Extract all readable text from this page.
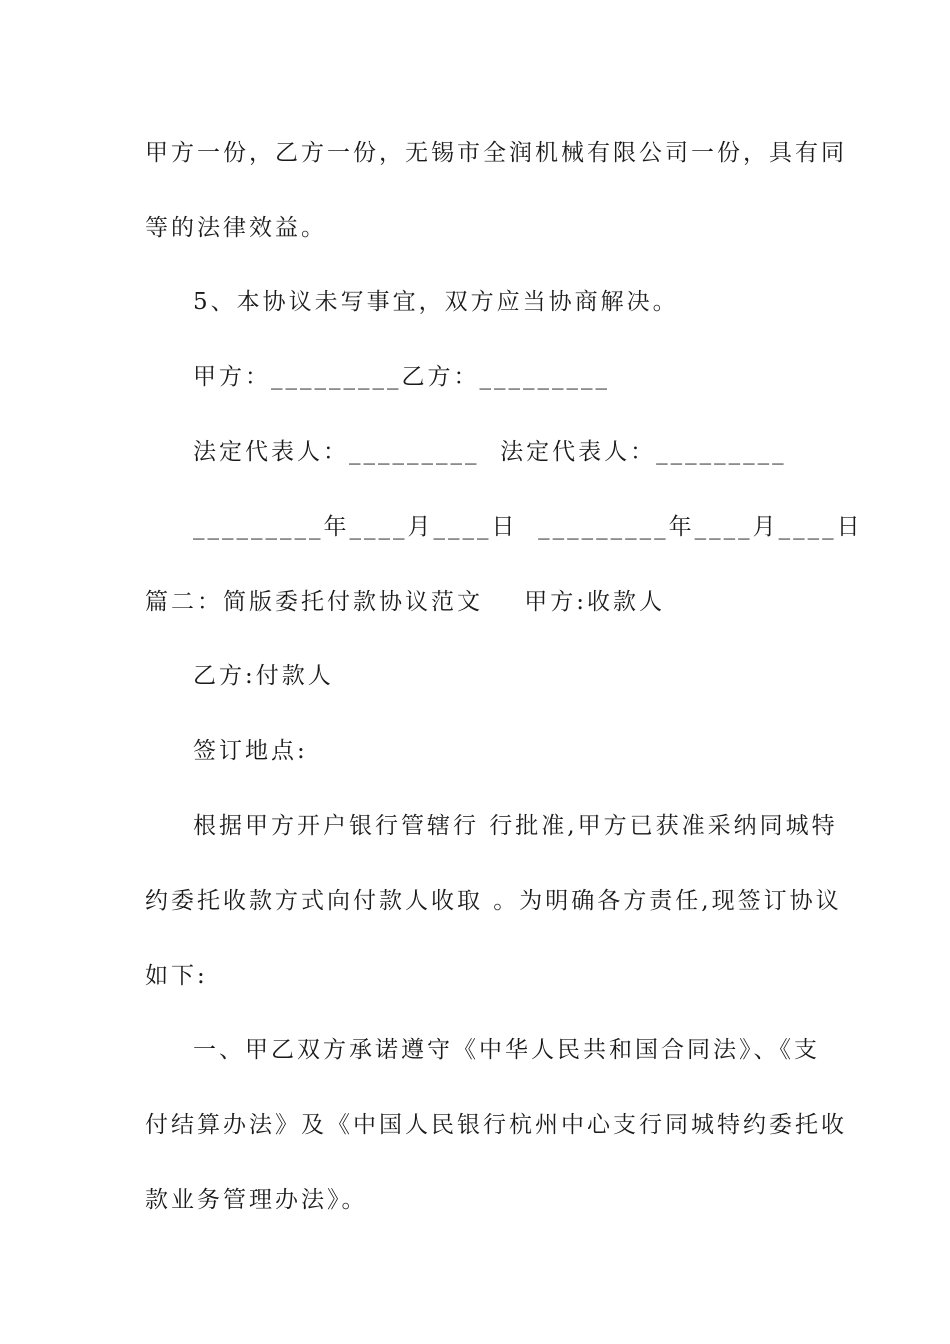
甲方一份，乙方一份，无锡市全润机械有限公司一份，具有同
等的法律效益。
5、本协议未写事宜，双方应当协商解决。
甲方：_________乙方：_________
法定代表人：_________  法定代表人：_________
_________年____月____日  _________年____月____日
篇二：简版委托付款协议范文    甲方:收款人
乙方:付款人
签订地点:
根据甲方开户银行管辖行 行批准,甲方已获准采纳同城特
约委托收款方式向付款人收取 。为明确各方责任,现签订协议
如下:
一、甲乙双方承诺遵守《中华人民共和国合同法》、《支
付结算办法》及《中国人民银行杭州中心支行同城特约委托收
款业务管理办法》。
